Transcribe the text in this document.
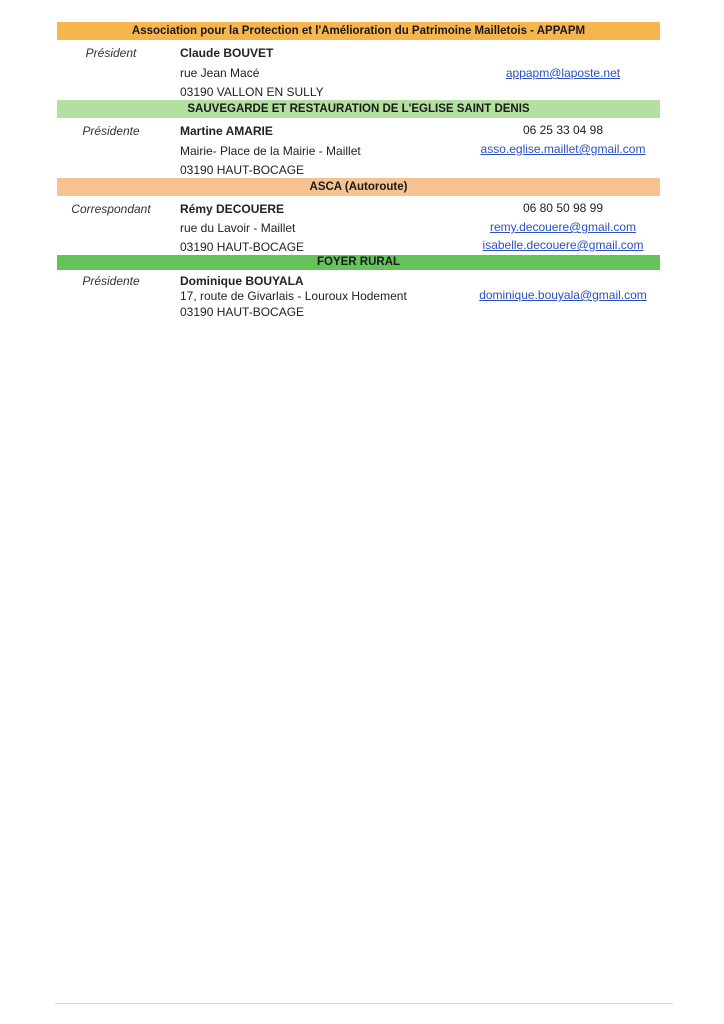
Association pour la Protection et l'Amélioration du Patrimoine Mailletois - APPAPM
Président	Claude BOUVET
rue Jean Macé	appapm@laposte.net
03190 VALLON EN SULLY
SAUVEGARDE ET RESTAURATION DE L'EGLISE SAINT DENIS
Présidente	Martine AMARIE	06 25 33 04 98
Mairie- Place de la Mairie - Maillet	asso.eglise.maillet@gmail.com
03190 HAUT-BOCAGE
ASCA (Autoroute)
Correspondant	Rémy DECOUERE	06 80 50 98 99
rue du Lavoir - Maillet	remy.decouere@gmail.com
03190 HAUT-BOCAGE	isabelle.decouere@gmail.com
FOYER RURAL
Présidente	Dominique BOUYALA
17, route de Givarlais - Louroux Hodement	dominique.bouyala@gmail.com
03190 HAUT-BOCAGE
